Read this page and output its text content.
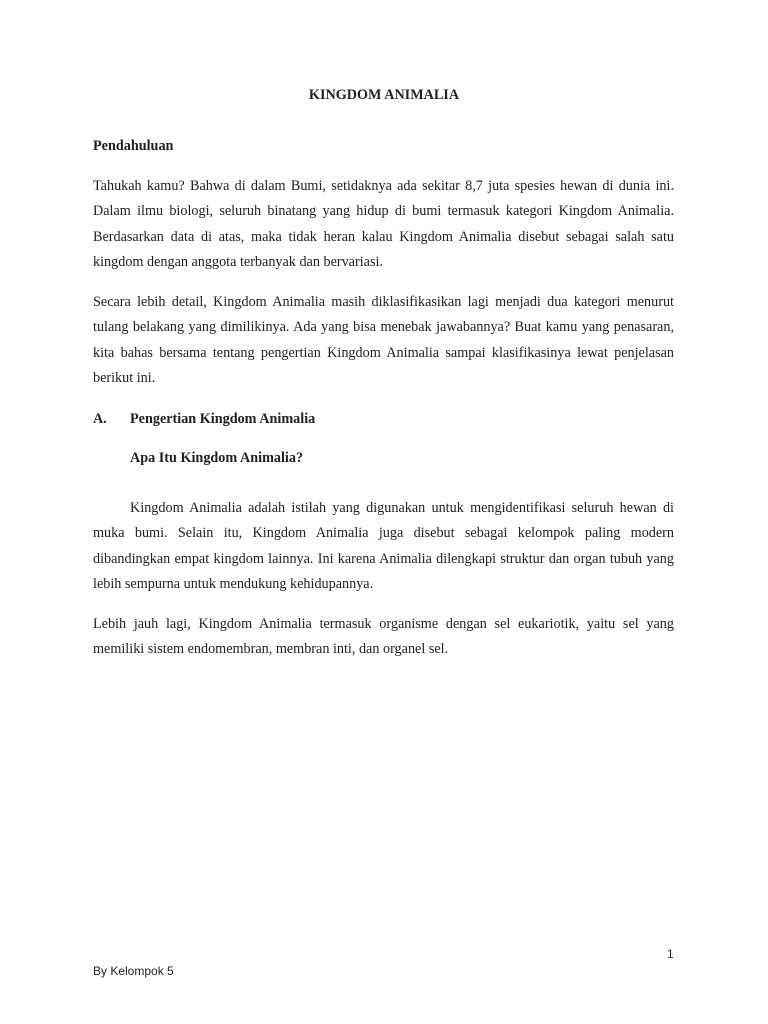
KINGDOM ANIMALIA
Pendahuluan

Tahukah kamu? Bahwa di dalam Bumi, setidaknya ada sekitar 8,7 juta spesies hewan di dunia ini. Dalam ilmu biologi, seluruh binatang yang hidup di bumi termasuk kategori Kingdom Animalia. Berdasarkan data di atas, maka tidak heran kalau Kingdom Animalia disebut sebagai salah satu kingdom dengan anggota terbanyak dan bervariasi.

Secara lebih detail, Kingdom Animalia masih diklasifikasikan lagi menjadi dua kategori menurut tulang belakang yang dimilikinya. Ada yang bisa menebak jawabannya? Buat kamu yang penasaran, kita bahas bersama tentang pengertian Kingdom Animalia sampai klasifikasinya lewat penjelasan berikut ini.

A. Pengertian Kingdom Animalia
Apa Itu Kingdom Animalia?

Kingdom Animalia adalah istilah yang digunakan untuk mengidentifikasi seluruh hewan di muka bumi. Selain itu, Kingdom Animalia juga disebut sebagai kelompok paling modern dibandingkan empat kingdom lainnya. Ini karena Animalia dilengkapi struktur dan organ tubuh yang lebih sempurna untuk mendukung kehidupannya.

Lebih jauh lagi, Kingdom Animalia termasuk organisme dengan sel eukariotik, yaitu sel yang memiliki sistem endomembran, membran inti, dan organel sel.

1
By Kelompok 5
